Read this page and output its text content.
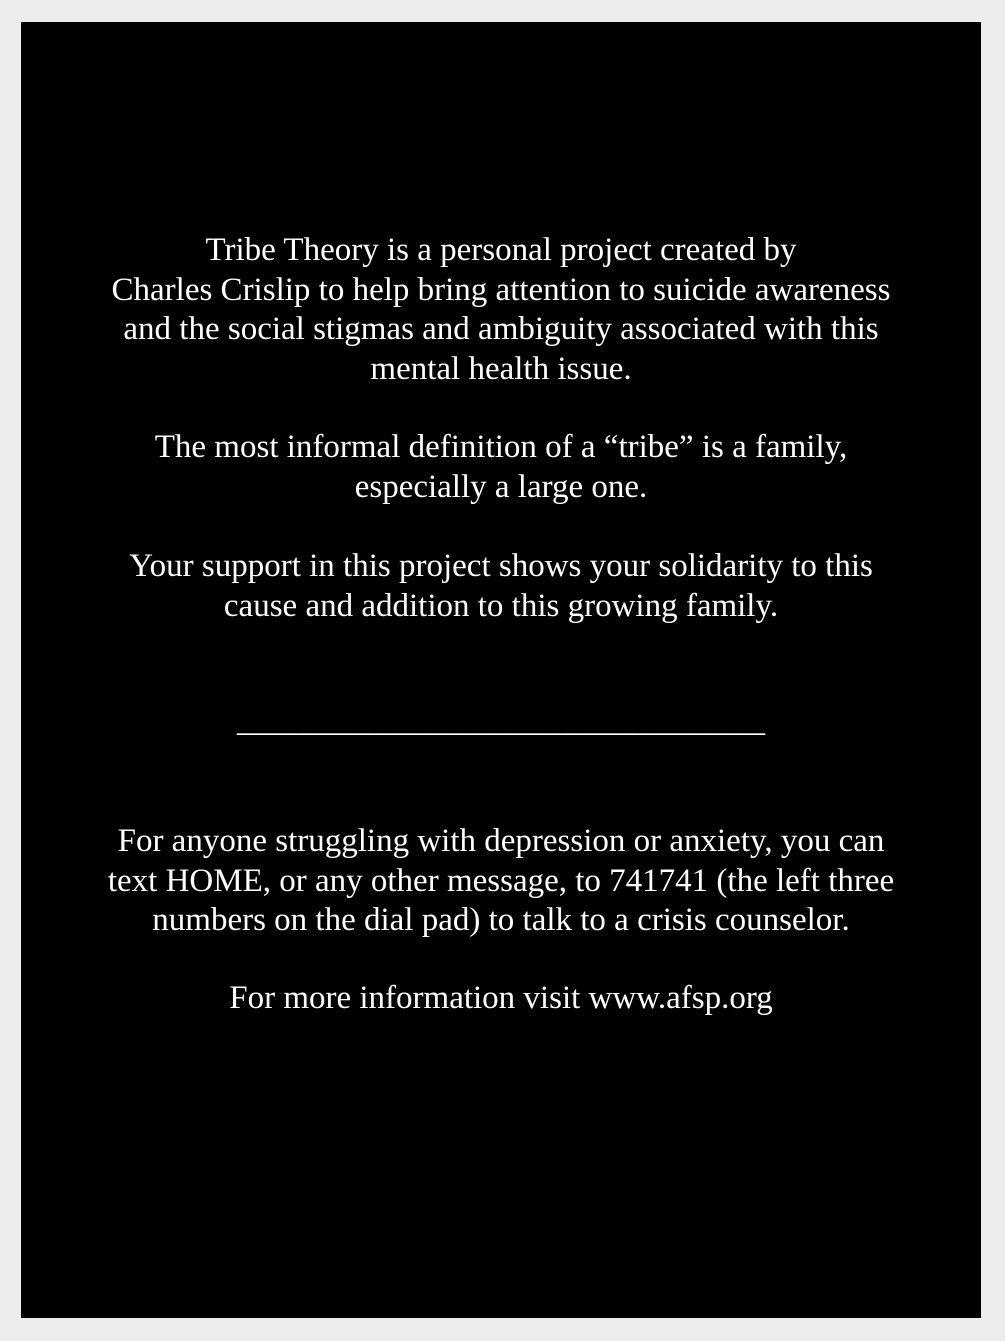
Tribe Theory is a personal project created by
Charles Crislip to help bring attention to suicide awareness
and the social stigmas and ambiguity associated with this
mental health issue.

The most informal definition of a “tribe” is a family,
especially a large one.

Your support in this project shows your solidarity to this
cause and addition to this growing family.

________________________________

For anyone struggling with depression or anxiety, you can
text HOME, or any other message, to 741741 (the left three
numbers on the dial pad) to talk to a crisis counselor.

For more information visit www.afsp.org
